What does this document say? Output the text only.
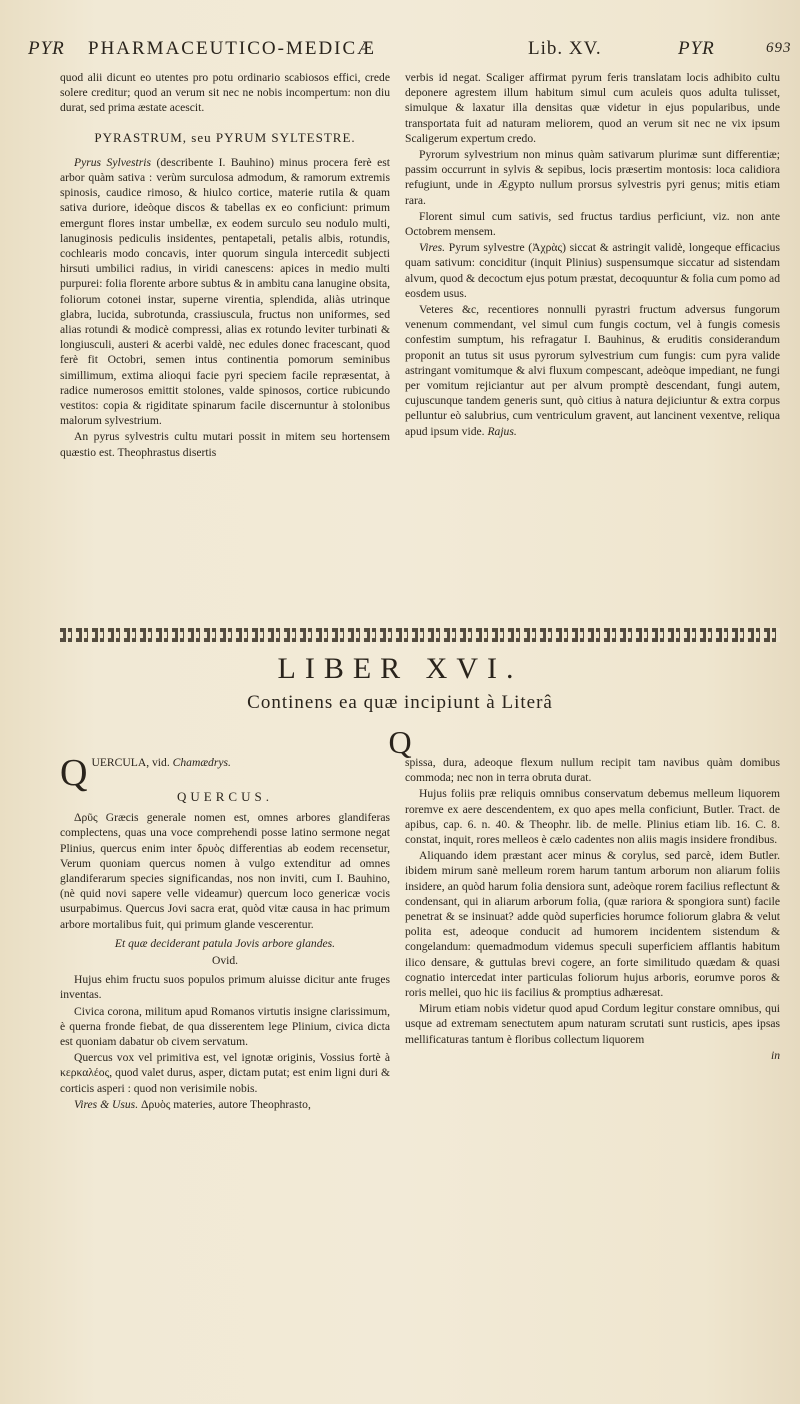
PYR PHARMACEUTICO-MEDICÆ	Lib. XV.	PYR	693

quod alii dicunt eo utentes pro potu ordinario scabiosos effici, crede solere creditur; quod an verum sit nec ne nobis incompertum: non diu durat, sed prima æstate acescit.

PYRASTRUM, seu PYRUM SYLTESTRE.

Pyrus Sylvestris (describente I. Bauhino) minus procera ferè est arbor quàm sativa : verùm surculosa admodum, & ramorum extremis spinosis, caudice rimoso, & hiulco cortice, materie rutila & quam sativa duriore, ideòque discos & tabellas ex eo conficiunt: primum emergunt flores instar umbellæ, ex eodem surculo seu nodulo multi, lanuginosis pediculis insidentes, pentapetali, petalis albis, rotundis, cochlearis modo concavis, inter quorum singula intercedit subjecti hirsuti umbilici radius, in viridi canescens: apices in medio multi purpurei: folia florente arbore subtus & in ambitu cana lanugine obsita, foliorum cotonei instar, superne virentia, splendida, aliàs utrinque glabra, lucida, subrotunda, crassiuscula, fructus non uniformes, sed alias rotundi & modicè compressi, alias ex rotundo leviter turbinati & longiusculi, austeri & acerbi valdè, nec edules donec fracescant, quod ferè fit Octobri, semen intus continentia pomorum seminibus simillimum, extima alioqui facie pyri speciem facile repræsentat, à radice numerosos emittit stolones, valde spinosos, cortice rubicundo vestitos: copia & rigiditate spinarum facile discernuntur à stolonibus malorum sylvestrium.

An pyrus sylvestris cultu mutari possit in mitem seu hortensem quæstio est. Theophrastus disertis

verbis id negat. Scaliger affirmat pyrum feris translatam locis adhibito cultu deponere agrestem illum habitum simul cum aculeis quos adulta tulisset, simulque & laxatur illa densitas quæ videtur in ejus popularibus, unde transportata fuit ad naturam meliorem, quod an verum sit nec ne vix ipsum Scaligerum expertum credo.

Pyrorum sylvestrium non minus quàm sativarum plurimæ sunt differentiæ; passim occurrunt in sylvis & sepibus, locis præsertim montosis: loca calidiora refugiunt, unde in Ægypto nullum prorsus sylvestris pyri genus; mitis etiam rara.

Florent simul cum sativis, sed fructus tardius perficiunt, viz. non ante Octobrem mensem.

Vires. Pyrum sylvestre (Ἀχρὰς) siccat & astringit validè, longeque efficacius quam sativum: conciditur (inquit Plinius) suspensumque siccatur ad sistendam alvum, quod & decoctum ejus potum præstat, decoquuntur & folia cum pomo ad eosdem usus.

Veteres &c, recentiores nonnulli pyrastri fructum adversus fungorum venenum commendant, vel simul cum fungis coctum, vel à fungis comesis confestim sumptum, his refragatur I. Bauhinus, & eruditis considerandum proponit an tutus sit usus pyrorum sylvestrium cum fungis: cum pyra valide astringant vomitumque & alvi fluxum compescant, adeòque impediant, ne fungi per vomitum rejiciantur aut per alvum promptè descendant, fungi autem, cujuscunque tandem generis sunt, quò citius à natura dejiciuntur & extra corpus pelluntur eò salubrius, cum ventriculum gravent, aut lancinent vexentve, reliqua apud ipsum vide. Rajus.

LIBER XVI.
Continens ea quæ incipiunt à Literâ
Q

QUERCULA, vid. Chamædrys.

QUERCUS.

Δρῦς Græcis generale nomen est, omnes arbores glandiferas complectens, quas una voce comprehendi posse latino sermone negat Plinius, quercus enim inter δρυὸς differentias ab eodem recensetur, Verum quoniam quercus nomen à vulgo extenditur ad omnes glandiferarum species significandas, nos non inviti, cum I. Bauhino, (nè quid novi sapere velle videamur) quercum loco genericæ vocis usurpabimus. Quercus Jovi sacra erat, quòd vitæ causa in hac primum arbore mortalibus fuit, qui primum glande vescerentur.

Et quæ deciderant patula Jovis arbore glandes.

Ovid.

Hujus ehim fructu suos populos primum aluisse dicitur ante fruges inventas.

Civica corona, militum apud Romanos virtutis insigne clarissimum, è querna fronde fiebat, de qua disserentem lege Plinium, civica dicta est quoniam dabatur ob civem servatum.

Quercus vox vel primitiva est, vel ignotæ originis, Vossius fortè à κερκαλέος, quod valet durus, asper, dictam putat; est enim ligni duri & corticis asperi : quod non verisimile nobis.

Vires & Usus. Δρυὸς materies, autore Theophrasto,

spissa, dura, adeoque flexum nullum recipit tam navibus quàm domibus commoda; nec non in terra obruta durat.

Hujus foliis præ reliquis omnibus conservatum debemus melleum liquorem roremve ex aere descendentem, ex quo apes mella conficiunt, Butler. Tract. de apibus, cap. 6. n. 40. & Theophr. lib. de melle. Plinius etiam lib. 16. C. 8. constat, inquit, rores melleos è cælo cadentes non aliis magis insidere frondibus.

Aliquando idem præstant acer minus & corylus, sed parcè, idem Butler. ibidem mirum sanè melleum rorem harum tantum arborum non aliarum foliis insidere, an quòd harum folia densiora sunt, adeòque rorem facilius reflectunt & condensant, qui in aliarum arborum folia, (quæ rariora & spongiora sunt) facile penetrat & se insinuat? adde quòd superficies horumce foliorum glabra & velut polita est, adeoque conducit ad humorem incidentem sistendum & congelandum: quemadmodum videmus speculi superficiem afflantis habitum ilico densare, & guttulas brevi cogere, an forte similitudo quædam & quasi cognatio intercedat inter particulas foliorum hujus arboris, eorumve poros & roris mellei, quo hic iis facilius & promptius adhæresat.

Mirum etiam nobis videtur quod apud Cordum legitur constare omnibus, qui usque ad extremam senectutem apum naturam scrutati sunt rusticis, apes ipsas mellificaturas tantum è floribus collectum liquorem

in
